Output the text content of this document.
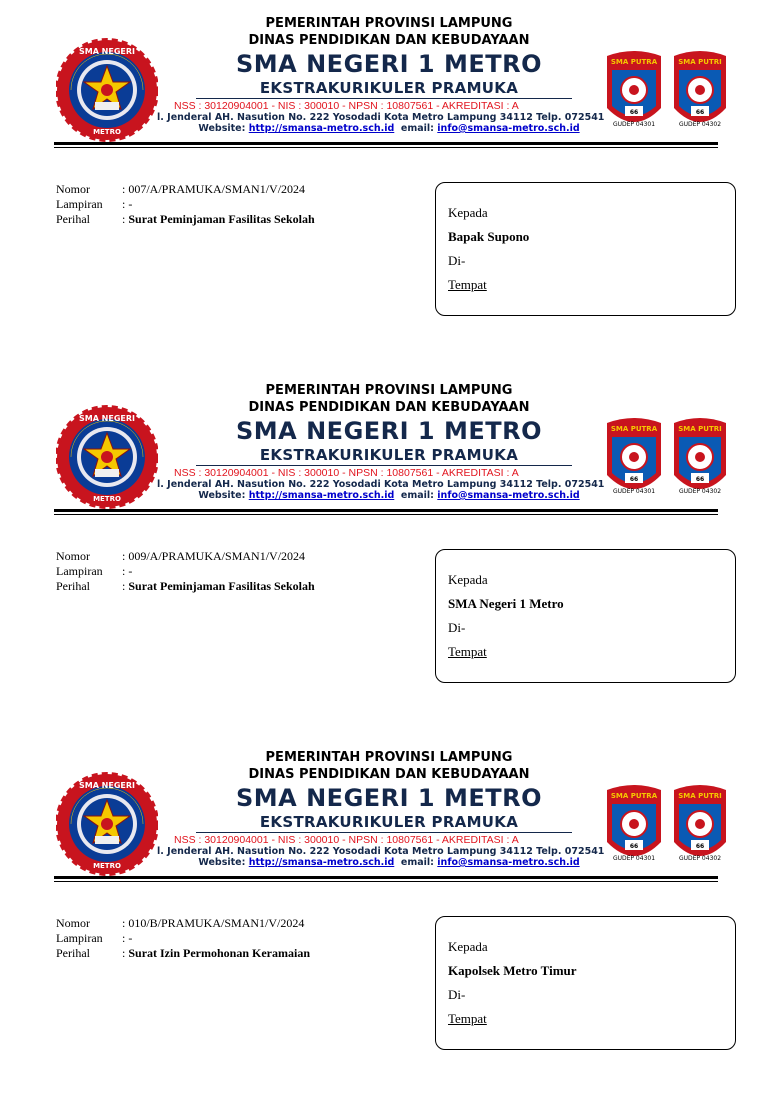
SMA NEGERI
METRO
PEMERINTAH PROVINSI LAMPUNG
DINAS PENDIDIKAN DAN KEBUDAYAAN
SMA NEGERI 1 METRO
EKSTRAKURIKULER PRAMUKA
NSS : 30120904001 - NIS : 300010 - NPSN : 10807561 - AKREDITASI : A
l. Jenderal AH. Nasution No. 222 Yosodadi Kota Metro Lampung 34112 Telp. 072541
Website: http://smansa-metro.sch.id email: info@smansa-metro.sch.id
SMA PUTRA
66
GUDEP 04301
SMA PUTRI
66
GUDEP 04302
Nomor	: 007/A/PRAMUKA/SMAN1/V/2024
Lampiran : -
Perihal	: Surat Peminjaman Fasilitas Sekolah	Kepada
Bapak Supono
Di-
Tempat
SMA NEGERI
METRO
PEMERINTAH PROVINSI LAMPUNG
DINAS PENDIDIKAN DAN KEBUDAYAAN
SMA NEGERI 1 METRO
EKSTRAKURIKULER PRAMUKA
NSS : 30120904001 - NIS : 300010 - NPSN : 10807561 - AKREDITASI : A
l. Jenderal AH. Nasution No. 222 Yosodadi Kota Metro Lampung 34112 Telp. 072541
Website: http://smansa-metro.sch.id email: info@smansa-metro.sch.id
SMA PUTRA
66
GUDEP 04301
SMA PUTRI
66
GUDEP 04302
Nomor	: 009/A/PRAMUKA/SMAN1/V/2024
Lampiran : -
Perihal	: Surat Peminjaman Fasilitas Sekolah	Kepada
SMA Negeri 1 Metro
Di-
Tempat
SMA NEGERI
METRO
PEMERINTAH PROVINSI LAMPUNG
DINAS PENDIDIKAN DAN KEBUDAYAAN
SMA NEGERI 1 METRO
EKSTRAKURIKULER PRAMUKA
NSS : 30120904001 - NIS : 300010 - NPSN : 10807561 - AKREDITASI : A
l. Jenderal AH. Nasution No. 222 Yosodadi Kota Metro Lampung 34112 Telp. 072541
Website: http://smansa-metro.sch.id email: info@smansa-metro.sch.id
SMA PUTRA
66
GUDEP 04301
SMA PUTRI
66
GUDEP 04302
Nomor	: 010/B/PRAMUKA/SMAN1/V/2024
Lampiran : -
Perihal	: Surat Izin Permohonan Keramaian	Kepada
Kapolsek Metro Timur
Di-
Tempat
